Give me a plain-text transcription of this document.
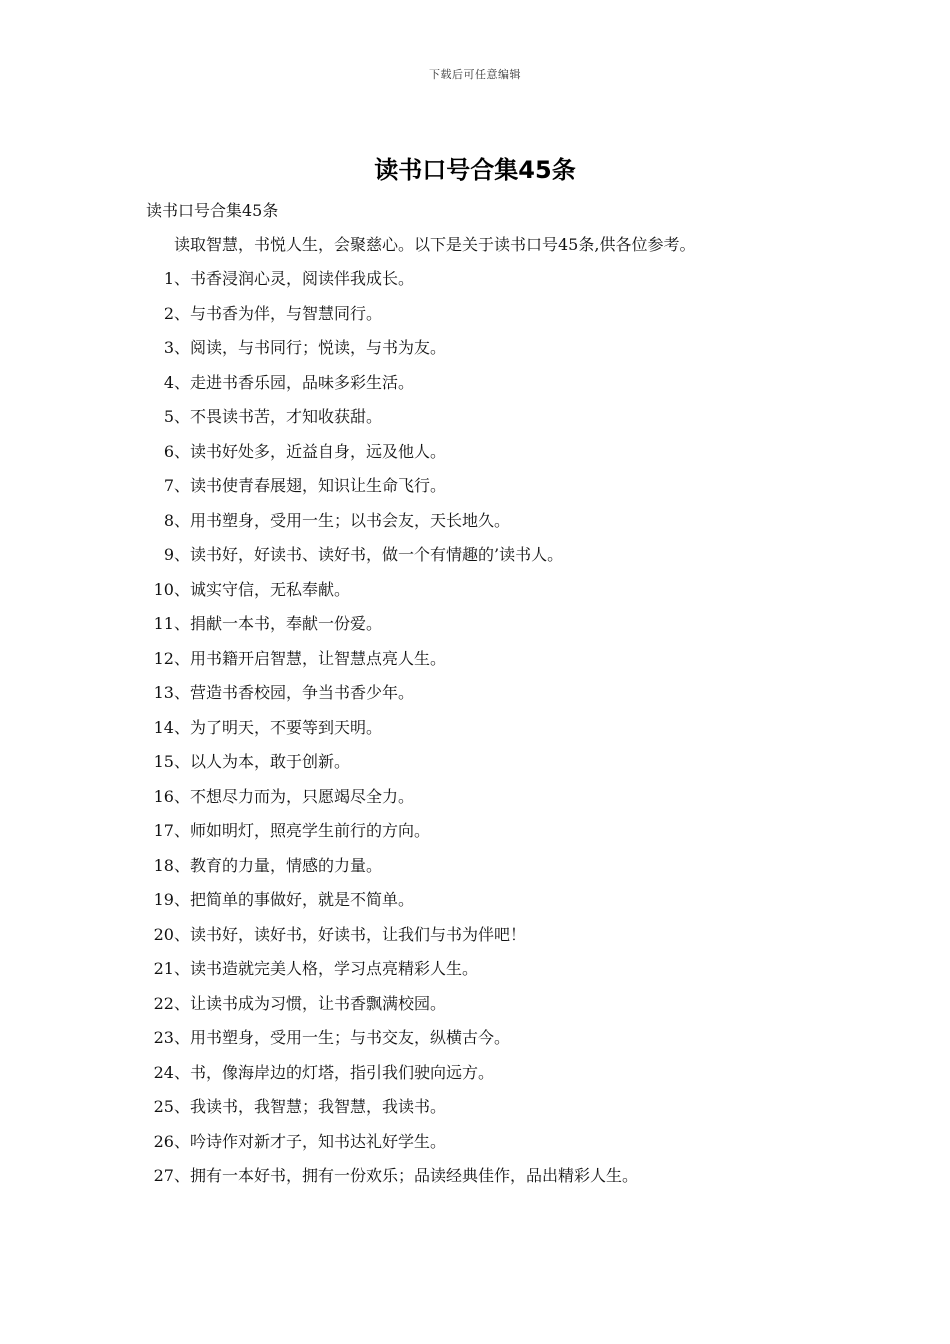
下载后可任意编辑
读书口号合集45条
读书口号合集45条
读取智慧，书悦人生，会聚慈心。以下是关于读书口号45条,供各位参考。
1、 书香浸润心灵，阅读伴我成长。
2、 与书香为伴，与智慧同行。
3、 阅读，与书同行；悦读，与书为友。
4、 走进书香乐园，品味多彩生活。
5、 不畏读书苦，才知收获甜。
6、 读书好处多，近益自身，远及他人。
7、 读书使青春展翅，知识让生命飞行。
8、 用书塑身，受用一生；以书会友，天长地久。
9、 读书好，好读书、读好书，做一个有情趣的’读书人。
10、 诚实守信，无私奉献。
11、 捐献一本书，奉献一份爱。
12、 用书籍开启智慧，让智慧点亮人生。
13、 营造书香校园，争当书香少年。
14、 为了明天，不要等到天明。
15、 以人为本，敢于创新。
16、 不想尽力而为，只愿竭尽全力。
17、 师如明灯，照亮学生前行的方向。
18、 教育的力量，情感的力量。
19、 把简单的事做好，就是不简单。
20、 读书好，读好书，好读书，让我们与书为伴吧！
21、 读书造就完美人格，学习点亮精彩人生。
22、 让读书成为习惯，让书香飘满校园。
23、 用书塑身，受用一生；与书交友，纵横古今。
24、 书，像海岸边的灯塔，指引我们驶向远方。
25、 我读书，我智慧；我智慧，我读书。
26、 吟诗作对新才子，知书达礼好学生。
27、 拥有一本好书，拥有一份欢乐；品读经典佳作，品出精彩人生。
